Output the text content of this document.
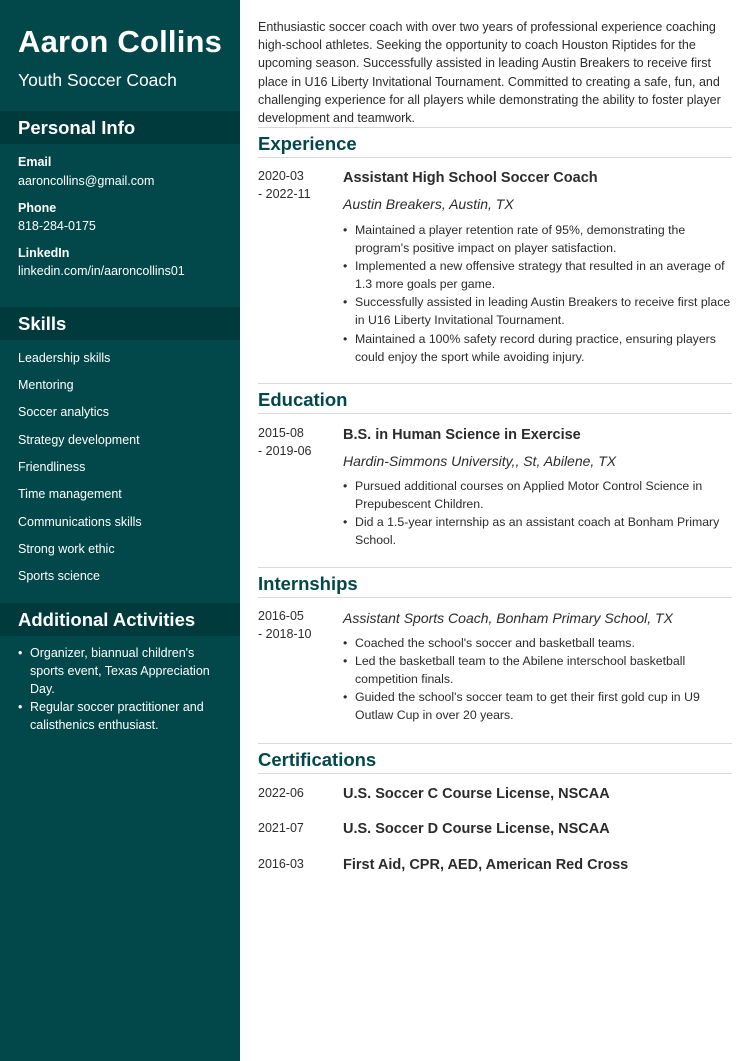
Aaron Collins
Youth Soccer Coach
Personal Info
Email
aaroncollins@gmail.com
Phone
818-284-0175
LinkedIn
linkedin.com/in/aaroncollins01
Skills
Leadership skills
Mentoring
Soccer analytics
Strategy development
Friendliness
Time management
Communications skills
Strong work ethic
Sports science
Additional Activities
• Organizer, biannual children's sports event, Texas Appreciation Day.
• Regular soccer practitioner and calisthenics enthusiast.
Enthusiastic soccer coach with over two years of professional experience coaching high-school athletes. Seeking the opportunity to coach Houston Riptides for the upcoming season. Successfully assisted in leading Austin Breakers to receive first place in U16 Liberty Invitational Tournament. Committed to creating a safe, fun, and challenging experience for all players while demonstrating the ability to foster player development and teamwork.
Experience
2020-03
- 2022-11
Assistant High School Soccer Coach
Austin Breakers, Austin, TX
• Maintained a player retention rate of 95%, demonstrating the program's positive impact on player satisfaction.
• Implemented a new offensive strategy that resulted in an average of 1.3 more goals per game.
• Successfully assisted in leading Austin Breakers to receive first place in U16 Liberty Invitational Tournament.
• Maintained a 100% safety record during practice, ensuring players could enjoy the sport while avoiding injury.
Education
2015-08
- 2019-06
B.S. in Human Science in Exercise
Hardin-Simmons University,, St, Abilene, TX
• Pursued additional courses on Applied Motor Control Science in Prepubescent Children.
• Did a 1.5-year internship as an assistant coach at Bonham Primary School.
Internships
2016-05
- 2018-10
Assistant Sports Coach, Bonham Primary School, TX
• Coached the school's soccer and basketball teams.
• Led the basketball team to the Abilene interschool basketball competition finals.
• Guided the school's soccer team to get their first gold cup in U9 Outlaw Cup in over 20 years.
Certifications
2022-06	U.S. Soccer C Course License, NSCAA
2021-07	U.S. Soccer D Course License, NSCAA
2016-03	First Aid, CPR, AED, American Red Cross
